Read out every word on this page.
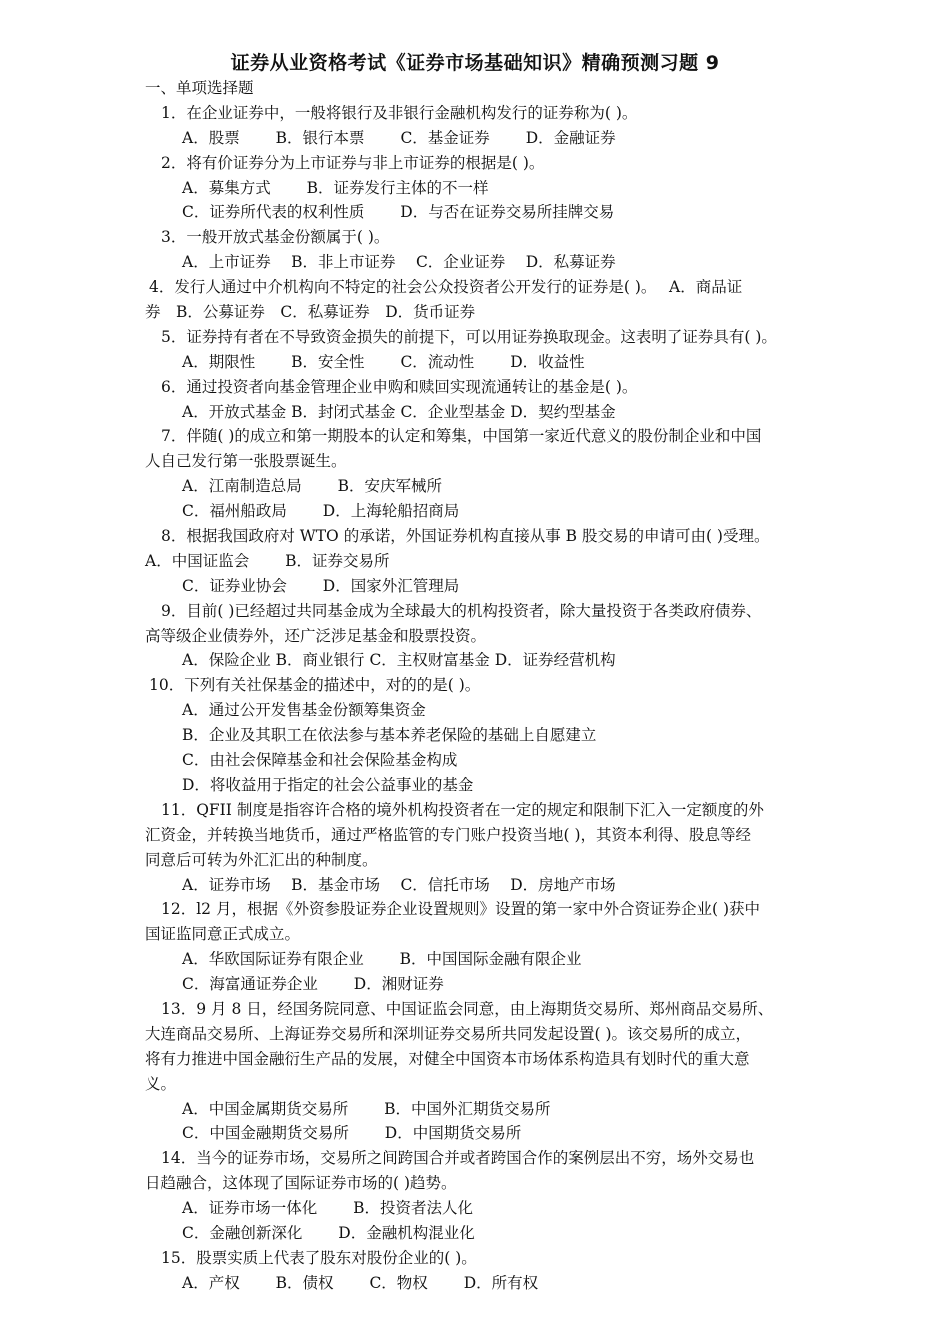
证券从业资格考试《证券市场基础知识》精确预测习题 9
一、单项选择题
1．在企业证券中，一般将银行及非银行金融机构发行的证券称为( )。
A．股票　　 B．银行本票　　 C．基金证券　　 D．金融证券
2．将有价证券分为上市证券与非上市证券的根据是( )。
A．募集方式　　 B．证券发行主体的不一样
C．证券所代表的权利性质　　 D．与否在证券交易所挂牌交易
3．一般开放式基金份额属于( )。
A．上市证券　 B．非上市证券　 C．企业证券　 D．私募证券
4．发行人通过中介机构向不特定的社会公众投资者公开发行的证券是( )。　 A．商品证
券　B．公募证券　C．私募证券　D．货币证券
5．证券持有者在不导致资金损失的前提下，可以用证券换取现金。这表明了证券具有( )。
A．期限性　　 B．安全性　　 C．流动性　　 D．收益性
6．通过投资者向基金管理企业申购和赎回实现流通转让的基金是( )。
A．开放式基金 B．封闭式基金 C．企业型基金 D．契约型基金
7．伴随( )的成立和第一期股本的认定和筹集，中国第一家近代意义的股份制企业和中国
人自己发行第一张股票诞生。
A．江南制造总局　　 B．安庆军械所
C．福州船政局　　 D．上海轮船招商局
8．根据我国政府对 WTO 的承诺，外国证券机构直接从事 B 股交易的申请可由( )受理。
A．中国证监会　　 B．证券交易所
C．证券业协会　　 D．国家外汇管理局
9．目前( )已经超过共同基金成为全球最大的机构投资者，除大量投资于各类政府债券、
高等级企业债券外，还广泛涉足基金和股票投资。
A．保险企业 B．商业银行 C．主权财富基金 D．证券经营机构
10．下列有关社保基金的描述中，对的的是( )。
A．通过公开发售基金份额筹集资金
B．企业及其职工在依法参与基本养老保险的基础上自愿建立
C．由社会保障基金和社会保险基金构成
D．将收益用于指定的社会公益事业的基金
11．QFII 制度是指容许合格的境外机构投资者在一定的规定和限制下汇入一定额度的外
汇资金，并转换当地货币，通过严格监管的专门账户投资当地( )，其资本利得、股息等经
同意后可转为外汇汇出的种制度。
A．证券市场　 B．基金市场　 C．信托市场　 D．房地产市场
12．l2 月，根据《外资参股证券企业设置规则》设置的第一家中外合资证券企业( )获中
国证监同意正式成立。
A．华欧国际证券有限企业　　 B．中国国际金融有限企业
C．海富通证券企业　　 D．湘财证券
13．9 月 8 日，经国务院同意、中国证监会同意，由上海期货交易所、郑州商品交易所、
大连商品交易所、上海证券交易所和深圳证券交易所共同发起设置( )。该交易所的成立，
将有力推进中国金融衍生产品的发展，对健全中国资本市场体系构造具有划时代的重大意
义。
A．中国金属期货交易所　　 B．中国外汇期货交易所
C．中国金融期货交易所　　 D．中国期货交易所
14．当今的证券市场，交易所之间跨国合并或者跨国合作的案例层出不穷，场外交易也
日趋融合，这体现了国际证券市场的( )趋势。
A．证券市场一体化　　 B．投资者法人化
C．金融创新深化　　 D．金融机构混业化
15．股票实质上代表了股东对股份企业的( )。
A．产权　　 B．债权　　 C．物权　　 D．所有权
